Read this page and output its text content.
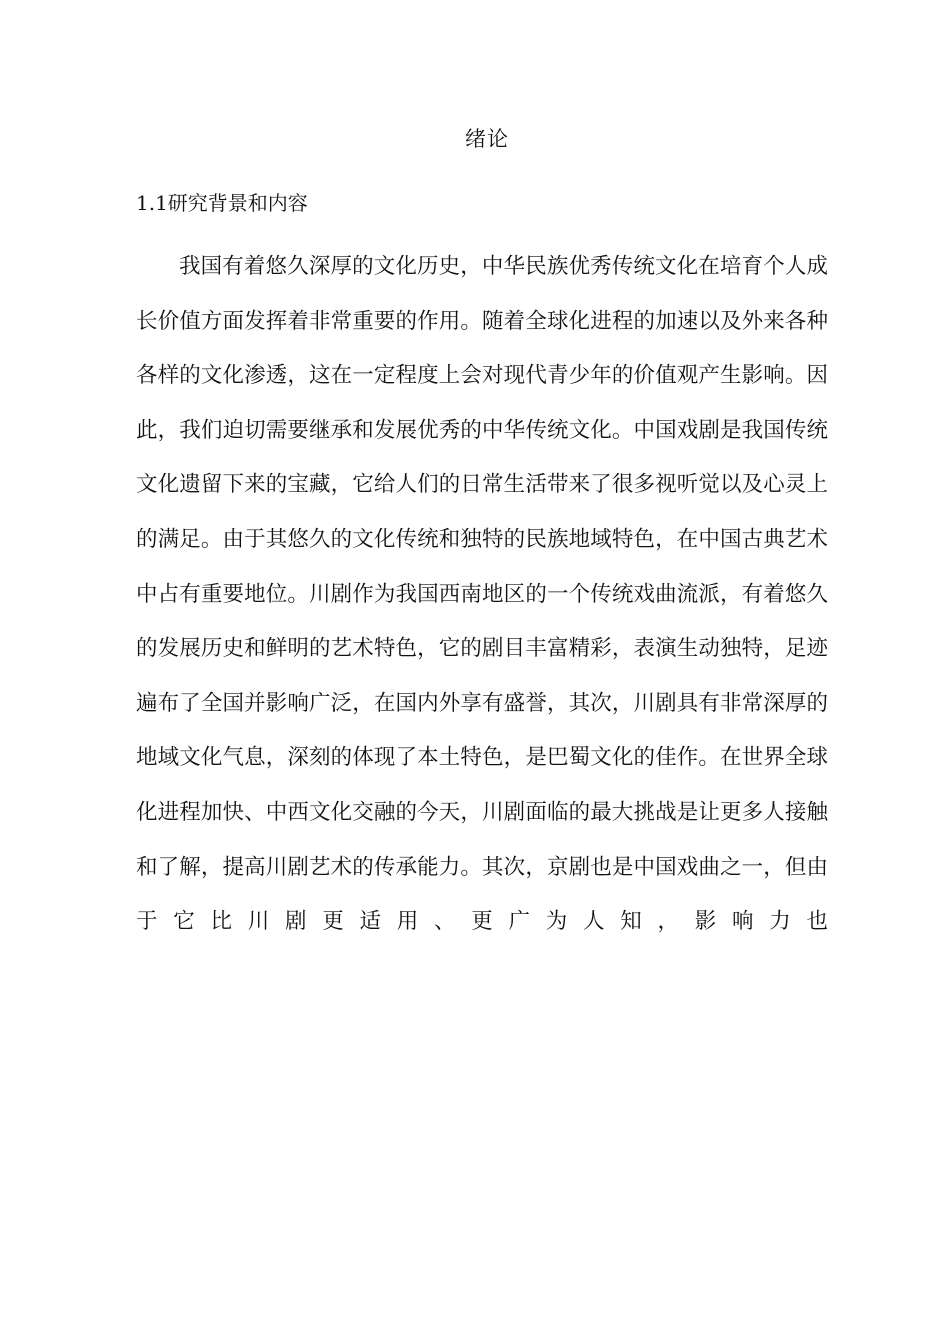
绪论
1.1研究背景和内容

我国有着悠久深厚的文化历史，中华民族优秀传统文化在培育个人成长价值方面发挥着非常重要的作用。随着全球化进程的加速以及外来各种各样的文化渗透，这在一定程度上会对现代青少年的价值观产生影响。因此，我们迫切需要继承和发展优秀的中华传统文化。中国戏剧是我国传统文化遗留下来的宝藏，它给人们的日常生活带来了很多视听觉以及心灵上的满足。由于其悠久的文化传统和独特的民族地域特色，在中国古典艺术中占有重要地位。川剧作为我国西南地区的一个传统戏曲流派，有着悠久的发展历史和鲜明的艺术特色，它的剧目丰富精彩，表演生动独特，足迹遍布了全国并影响广泛，在国内外享有盛誉，其次，川剧具有非常深厚的地域文化气息，深刻的体现了本土特色，是巴蜀文化的佳作。在世界全球化进程加快、中西文化交融的今天，川剧面临的最大挑战是让更多人接触和了解，提高川剧艺术的传承能力。其次，京剧也是中国戏曲之一，但由于它比川剧更适用、更广为人知，影响力也
